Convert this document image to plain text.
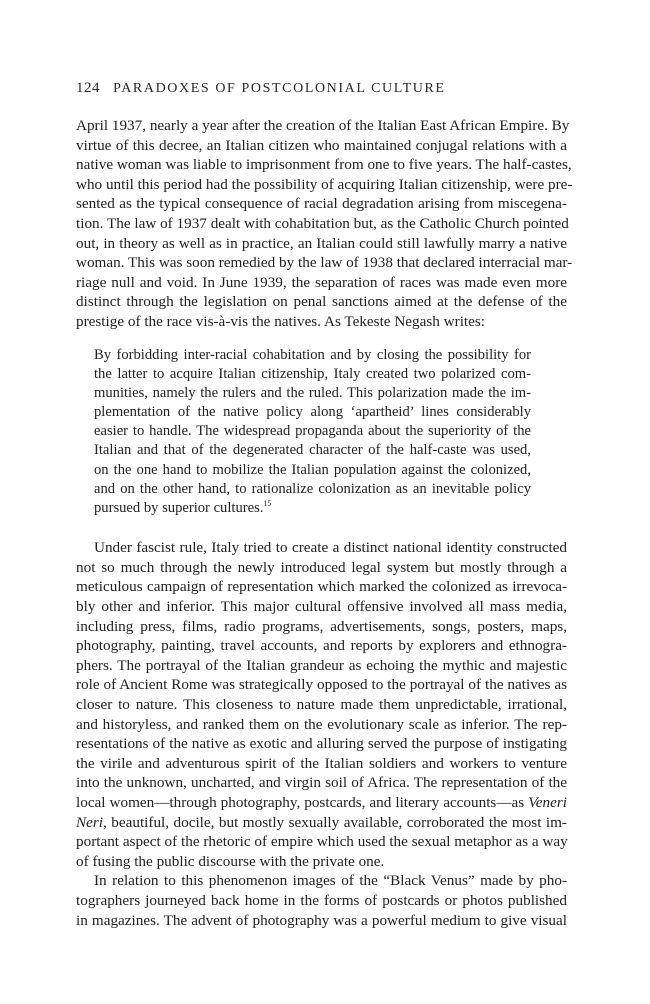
124 PARADOXES OF POSTCOLONIAL CULTURE
April 1937, nearly a year after the creation of the Italian East African Empire. By
virtue of this decree, an Italian citizen who maintained conjugal relations with a
native woman was liable to imprisonment from one to five years. The half-castes,
who until this period had the possibility of acquiring Italian citizenship, were pre-
sented as the typical consequence of racial degradation arising from miscegena-
tion. The law of 1937 dealt with cohabitation but, as the Catholic Church pointed
out, in theory as well as in practice, an Italian could still lawfully marry a native
woman. This was soon remedied by the law of 1938 that declared interracial mar-
riage null and void. In June 1939, the separation of races was made even more
distinct through the legislation on penal sanctions aimed at the defense of the
prestige of the race vis-à-vis the natives. As Tekeste Negash writes:
By forbidding inter-racial cohabitation and by closing the possibility for
the latter to acquire Italian citizenship, Italy created two polarized com-
munities, namely the rulers and the ruled. This polarization made the im-
plementation of the native policy along ‘apartheid’ lines considerably
easier to handle. The widespread propaganda about the superiority of the
Italian and that of the degenerated character of the half-caste was used,
on the one hand to mobilize the Italian population against the colonized,
and on the other hand, to rationalize colonization as an inevitable policy
pursued by superior cultures.$^{15}$
Under fascist rule, Italy tried to create a distinct national identity constructed
not so much through the newly introduced legal system but mostly through a
meticulous campaign of representation which marked the colonized as irrevoca-
bly other and inferior. This major cultural offensive involved all mass media,
including press, films, radio programs, advertisements, songs, posters, maps,
photography, painting, travel accounts, and reports by explorers and ethnogra-
phers. The portrayal of the Italian grandeur as echoing the mythic and majestic
role of Ancient Rome was strategically opposed to the portrayal of the natives as
closer to nature. This closeness to nature made them unpredictable, irrational,
and historyless, and ranked them on the evolutionary scale as inferior. The rep-
resentations of the native as exotic and alluring served the purpose of instigating
the virile and adventurous spirit of the Italian soldiers and workers to venture
into the unknown, uncharted, and virgin soil of Africa. The representation of the
local women—through photography, postcards, and literary accounts—as Veneri
Neri, beautiful, docile, but mostly sexually available, corroborated the most im-
portant aspect of the rhetoric of empire which used the sexual metaphor as a way
of fusing the public discourse with the private one.
In relation to this phenomenon images of the “Black Venus” made by pho-
tographers journeyed back home in the forms of postcards or photos published
in magazines. The advent of photography was a powerful medium to give visual
